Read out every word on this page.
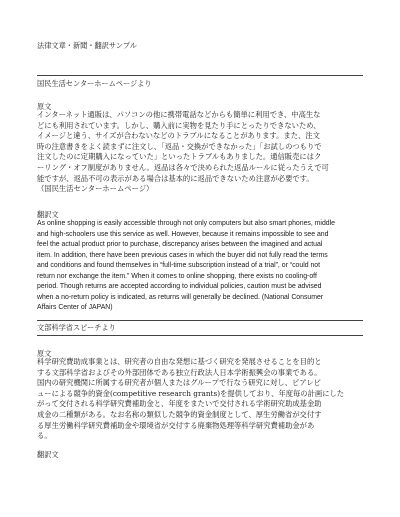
法律文章・新聞・翻訳サンプル
国民生活センターホームページより
原文
インターネット通販は、パソコンの他に携帯電話などからも簡単に利用でき、中高生な
どにも利用されています。しかし、購入前に実物を見たり手にとったりできないため、
イメージと違う、サイズが合わないなどのトラブルになることがあります。また、注文
時の注意書きをよく読まずに注文し、「返品・交換ができなかった」「お試しのつもりで
注文したのに定期購入になっていた」といったトラブルもありました。通信販売にはク
ーリング・オフ制度がありません。返品は各々で決められた返品ルールに従ったうえで可
能ですが、返品不可の表示がある場合は基本的に返品できないため注意が必要です。
（国民生活センターホームページ）
翻訳文
As online shopping is easily accessible through not only computers but also smart phones, middle
and high-schoolers use this service as well. However, because it remains impossible to see and
feel the actual product prior to purchase, discrepancy arises between the imagined and actual
item. In addition, there have been previous cases in which the buyer did not fully read the terms
and conditions and found themselves in “full-time subscription instead of a trial”, or “could not
return nor exchange the item.” When it comes to online shopping, there exists no cooling-off
period. Though returns are accepted according to individual policies, caution must be advised
when a no-return policy is indicated, as returns will generally be declined. (National Consumer
Affairs Center of JAPAN)
文部科学省スピーチより
原文
科学研究費助成事業とは、研究者の自由な発想に基づく研究を発展させることを目的と
する文部科学省およびその外部団体である独立行政法人日本学術振興会の事業である。
国内の研究機関に所属する研究者が個人またはグループで行なう研究に対し、ピアレビ
ューによる競争的資金(competitive research grants)を提供しており、年度毎の計画にした
がって交付される科学研究費補助金と、年度をまたいで交付される学術研究助成基金助
成金の二種類がある。なお名称の類似した競争的資金制度として、厚生労働省が交付す
る厚生労働科学研究費補助金や環境省が交付する廃棄物処理等科学研究費補助金があ
る。
翻訳文
